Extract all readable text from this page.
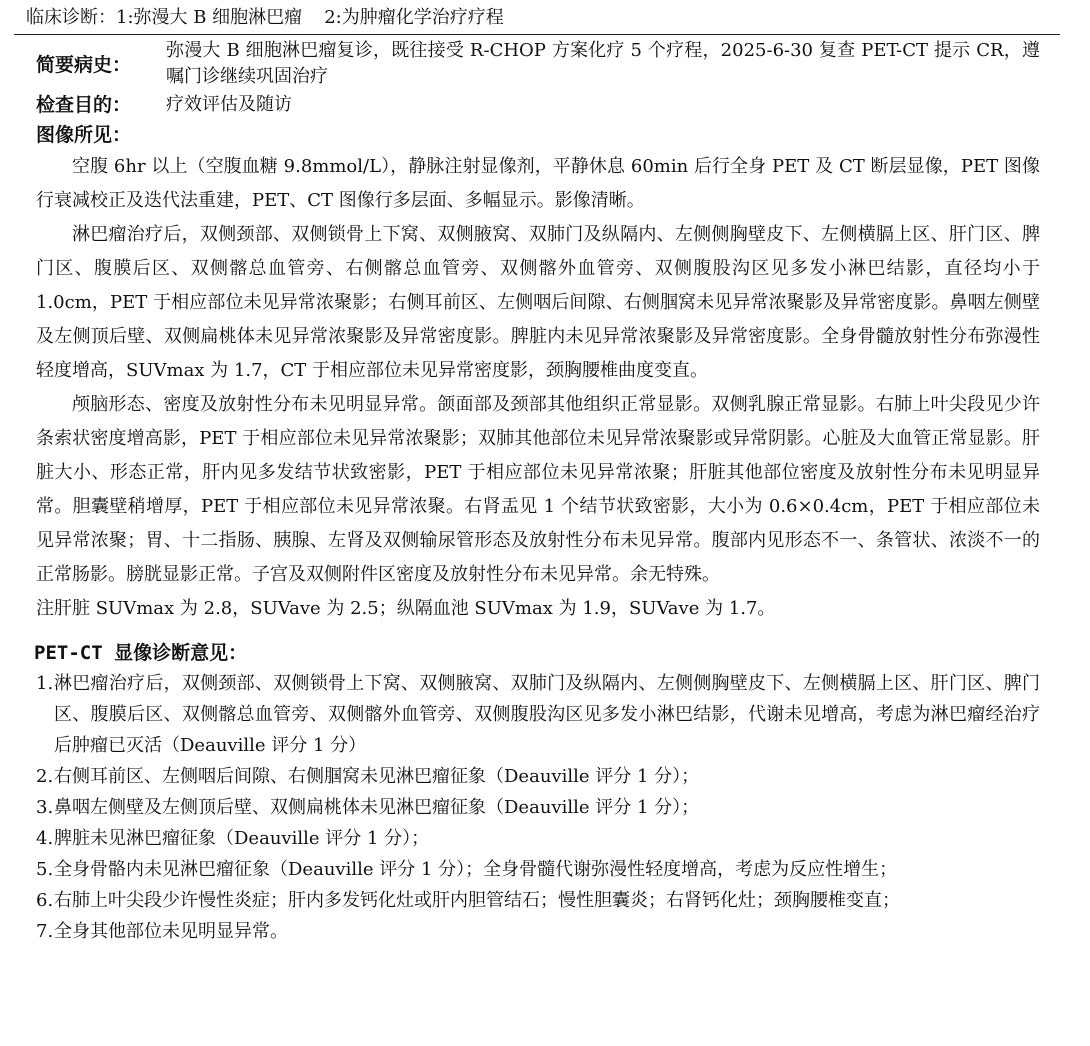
临床诊断：1:弥漫大 B 细胞淋巴瘤 2:为肿瘤化学治疗疗程
简要病史：
弥漫大 B 细胞淋巴瘤复诊，既往接受 R-CHOP 方案化疗 5 个疗程，2025-6-30 复查 PET-CT 提示 CR，遵嘱门诊继续巩固治疗
检查目的：	疗效评估及随访
图像所见：

空腹 6hr 以上（空腹血糖 9.8mmol/L），静脉注射显像剂，平静休息 60min 后行全身 PET 及 CT 断层显像，PET 图像行衰减校正及迭代法重建，PET、CT 图像行多层面、多幅显示。影像清晰。

淋巴瘤治疗后，双侧颈部、双侧锁骨上下窝、双侧腋窝、双肺门及纵隔内、左侧侧胸壁皮下、左侧横膈上区、肝门区、脾门区、腹膜后区、双侧髂总血管旁、右侧髂总血管旁、双侧髂外血管旁、双侧腹股沟区见多发小淋巴结影，直径均小于 1.0cm，PET 于相应部位未见异常浓聚影；右侧耳前区、左侧咽后间隙、右侧腘窝未见异常浓聚影及异常密度影。鼻咽左侧壁及左侧顶后壁、双侧扁桃体未见异常浓聚影及异常密度影。脾脏内未见异常浓聚影及异常密度影。全身骨髓放射性分布弥漫性轻度增高，SUVmax 为 1.7，CT 于相应部位未见异常密度影，颈胸腰椎曲度变直。

颅脑形态、密度及放射性分布未见明显异常。颌面部及颈部其他组织正常显影。双侧乳腺正常显影。右肺上叶尖段见少许条索状密度增高影，PET 于相应部位未见异常浓聚影；双肺其他部位未见异常浓聚影或异常阴影。心脏及大血管正常显影。肝脏大小、形态正常，肝内见多发结节状致密影，PET 于相应部位未见异常浓聚；肝脏其他部位密度及放射性分布未见明显异常。胆囊壁稍增厚，PET 于相应部位未见异常浓聚。右肾盂见 1 个结节状致密影，大小为 0.6×0.4cm，PET 于相应部位未见异常浓聚；胃、十二指肠、胰腺、左肾及双侧输尿管形态及放射性分布未见异常。腹部内见形态不一、条管状、浓淡不一的正常肠影。膀胱显影正常。子宫及双侧附件区密度及放射性分布未见异常。余无特殊。

注肝脏 SUVmax 为 2.8，SUVave 为 2.5；纵隔血池 SUVmax 为 1.9，SUVave 为 1.7。

PET-CT 显像诊断意见：
1. 淋巴瘤治疗后，双侧颈部、双侧锁骨上下窝、双侧腋窝、双肺门及纵隔内、左侧侧胸壁皮下、左侧横膈上区、肝门区、脾门区、腹膜后区、双侧髂总血管旁、双侧髂外血管旁、双侧腹股沟区见多发小淋巴结影，代谢未见增高，考虑为淋巴瘤经治疗后肿瘤已灭活（Deauville 评分 1 分）
2. 右侧耳前区、左侧咽后间隙、右侧腘窝未见淋巴瘤征象（Deauville 评分 1 分）；
3. 鼻咽左侧壁及左侧顶后壁、双侧扁桃体未见淋巴瘤征象（Deauville 评分 1 分）；
4. 脾脏未见淋巴瘤征象（Deauville 评分 1 分）；
5. 全身骨骼内未见淋巴瘤征象（Deauville 评分 1 分）；全身骨髓代谢弥漫性轻度增高，考虑为反应性增生；
6. 右肺上叶尖段少许慢性炎症；肝内多发钙化灶或肝内胆管结石；慢性胆囊炎；右肾钙化灶；颈胸腰椎变直；
7. 全身其他部位未见明显异常。
